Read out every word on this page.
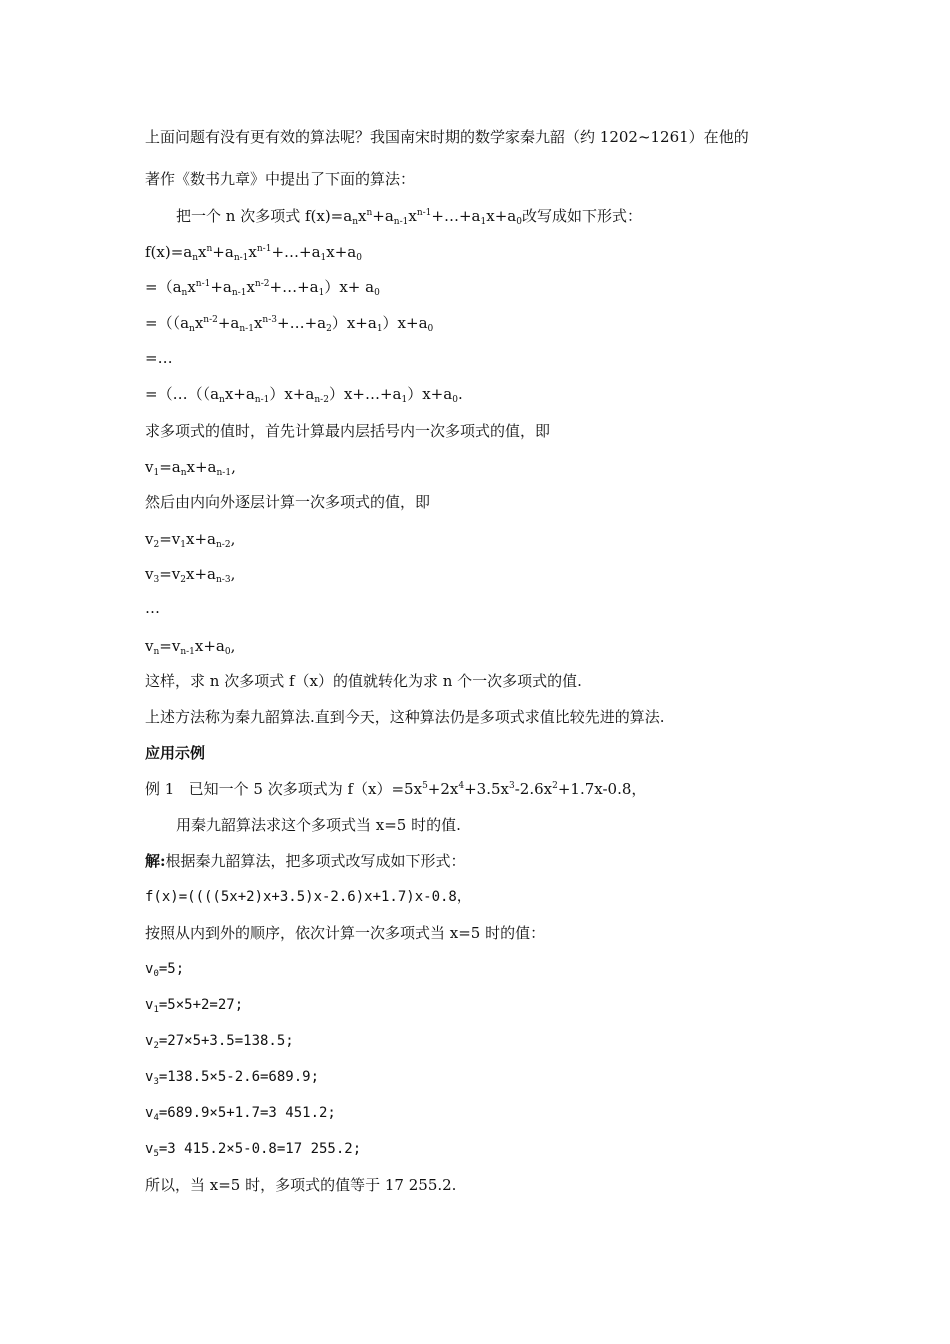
上面问题有没有更有效的算法呢？我国南宋时期的数学家秦九韶（约 1202~1261）在他的
著作《数书九章》中提出了下面的算法：
把一个 n 次多项式 $f(x)=a_nx^n+a_{n-1}x^{n-1}+\dots+a_1x+a_0$改写成如下形式：
$f(x)=a_nx^n+a_{n-1}x^{n-1}+\dots+a_1x+a_0$
$=(a_nx^{n-1}+a_{n-1}x^{n-2}+\dots+a_1)x+ a_0$
$=((a_nx^{n-2}+a_{n-1}x^{n-3}+\dots+a_2)x+a_1)x+a_0$
=…
$=(\dots((a_nx+a_{n-1})x+a_{n-2})x+\dots+a_1)x+a_0$.
求多项式的值时，首先计算最内层括号内一次多项式的值，即
$v_1=a_nx+a_{n-1}$,
然后由内向外逐层计算一次多项式的值，即
$v_2=v_1x+a_{n-2}$,
$v_3=v_2x+a_{n-3}$,
…
$v_n=v_{n-1}x+a_0$,
这样，求 n 次多项式 f（x）的值就转化为求 n 个一次多项式的值.
上述方法称为秦九韶算法.直到今天，这种算法仍是多项式求值比较先进的算法.
应用示例
例 1 已知一个 5 次多项式为 $f(x)=5x^5+2x^4+3.5x^3-2.6x^2+1.7x-0.8$，
用秦九韶算法求这个多项式当 x=5 时的值.
解:根据秦九韶算法，把多项式改写成如下形式：
f(x)=((((5x+2)x+3.5)x-2.6)x+1.7)x-0.8，
按照从内到外的顺序，依次计算一次多项式当 x=5 时的值：
$v_0=5$;
$v_1=5\times 5+2=27$;
$v_2=27\times 5+3.5=138.5$;
$v_3=138.5\times 5-2.6=689.9$;
$v_4=689.9\times 5+1.7=3$ 451.2;
$v_5=3$ 415.2×5-0.8=17 255.2;
所以，当 x=5 时，多项式的值等于 17 255.2.
